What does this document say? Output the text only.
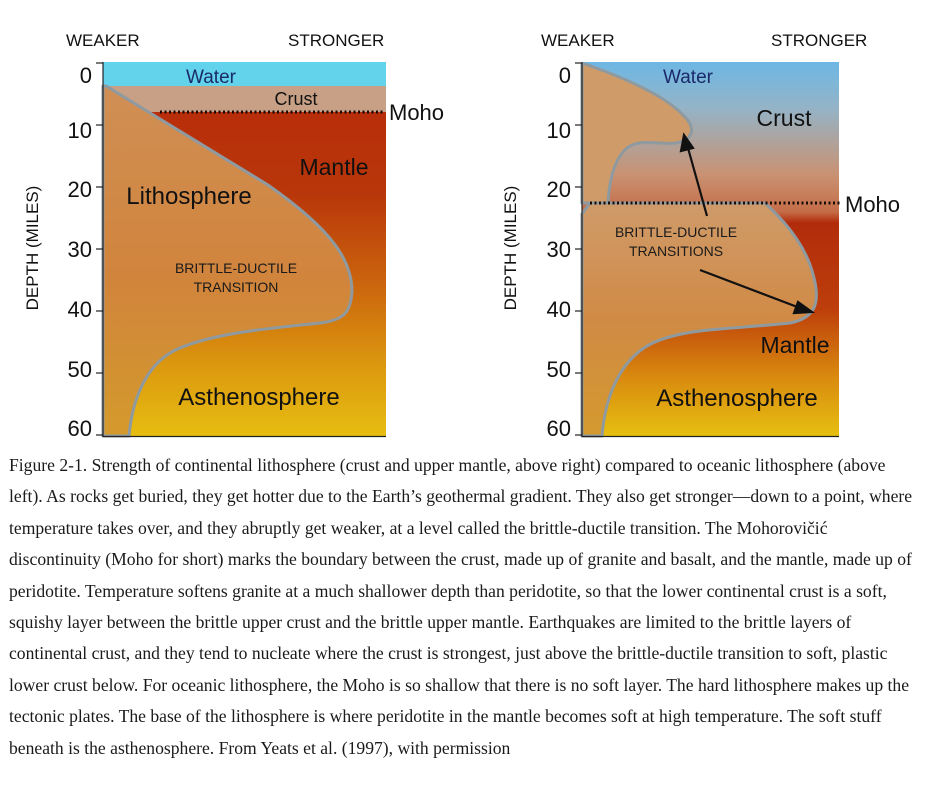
WEAKER	STRONGER
0
10
20
30
40
50
60
DEPTH (MILES)
Water
Crust
Moho
Mantle
Lithosphere
BRITTLE-DUCTILE
TRANSITION
Asthenosphere
WEAKER	STRONGER
0
10
20
30
40
50
60
DEPTH (MILES)
Water
Crust
Moho
BRITTLE-DUCTILE
TRANSITIONS
Mantle
Asthenosphere

Figure 2-1. Strength of continental lithosphere (crust and upper mantle, above right) compared to oceanic lithosphere (above left). As rocks get buried, they get hotter due to the Earth’s geothermal gradient. They also get stronger—down to a point, where temperature takes over, and they abruptly get weaker, at a level called the brittle-ductile transition. The Mohorovičić discontinuity (Moho for short) marks the boundary between the crust, made up of granite and basalt, and the mantle, made up of peridotite. Temperature softens granite at a much shallower depth than peridotite, so that the lower continental crust is a soft, squishy layer between the brittle upper crust and the brittle upper mantle. Earthquakes are limited to the brittle layers of continental crust, and they tend to nucleate where the crust is strongest, just above the brittle-ductile transition to soft, plastic lower crust below. For oceanic lithosphere, the Moho is so shallow that there is no soft layer. The hard lithosphere makes up the tectonic plates. The base of the lithosphere is where peridotite in the mantle becomes soft at high temperature. The soft stuff beneath is the asthenosphere. From Yeats et al. (1997), with permission
